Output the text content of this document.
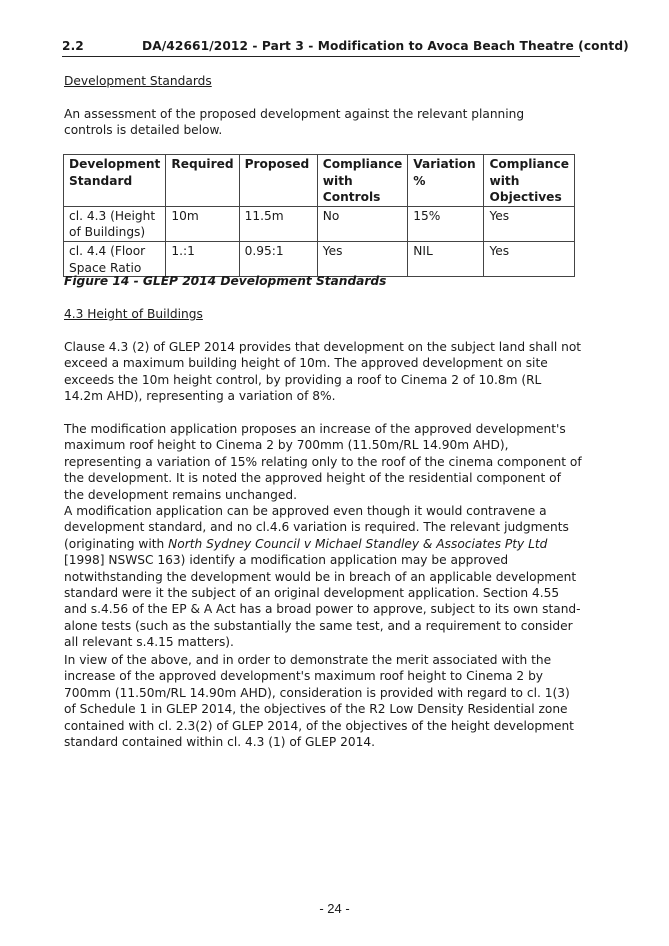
2.2	DA/42661/2012 - Part 3 - Modification to Avoca Beach Theatre (contd)
Development Standards
An assessment of the proposed development against the relevant planning controls is detailed below.
Development Standard	Required	Proposed	Compliance with Controls	Variation %	Compliance with Objectives
cl. 4.3 (Height of Buildings)	10m	11.5m	No	15%	Yes
cl. 4.4 (Floor Space Ratio	1.:1	0.95:1	Yes	NIL	Yes
Figure 14 - GLEP 2014 Development Standards
4.3 Height of Buildings
Clause 4.3 (2) of GLEP 2014 provides that development on the subject land shall not exceed a maximum building height of 10m. The approved development on site exceeds the 10m height control, by providing a roof to Cinema 2 of 10.8m (RL 14.2m AHD), representing a variation of 8%.
The modification application proposes an increase of the approved development's maximum roof height to Cinema 2 by 700mm (11.50m/RL 14.90m AHD), representing a variation of 15% relating only to the roof of the cinema component of the development. It is noted the approved height of the residential component of the development remains unchanged.
A modification application can be approved even though it would contravene a development standard, and no cl.4.6 variation is required. The relevant judgments (originating with North Sydney Council v Michael Standley & Associates Pty Ltd [1998] NSWSC 163) identify a modification application may be approved notwithstanding the development would be in breach of an applicable development standard were it the subject of an original development application. Section 4.55 and s.4.56 of the EP & A Act has a broad power to approve, subject to its own stand-alone tests (such as the substantially the same test, and a requirement to consider all relevant s.4.15 matters).
In view of the above, and in order to demonstrate the merit associated with the increase of the approved development's maximum roof height to Cinema 2 by 700mm (11.50m/RL 14.90m AHD), consideration is provided with regard to cl. 1(3) of Schedule 1 in GLEP 2014, the objectives of the R2 Low Density Residential zone contained with cl. 2.3(2) of GLEP 2014, of the objectives of the height development standard contained within cl. 4.3 (1) of GLEP 2014.
- 24 -
